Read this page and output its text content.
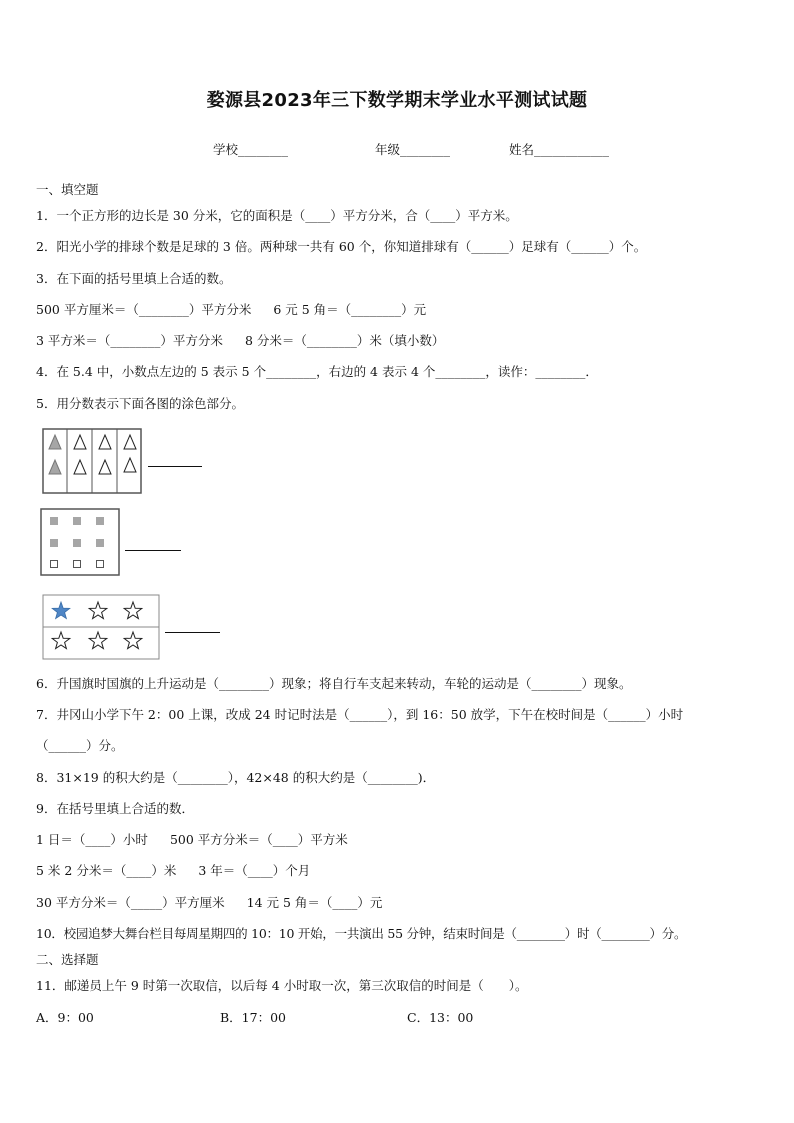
婺源县2023年三下数学期末学业水平测试试题
学校________	年级________	姓名____________
一、填空题
1．一个正方形的边长是 30 分米，它的面积是（____）平方分米，合（____）平方米。
2．阳光小学的排球个数是足球的 3 倍。两种球一共有 60 个，你知道排球有（______）足球有（______）个。
3．在下面的括号里填上合适的数。
500 平方厘米＝（________）平方分米 6 元 5 角＝（________）元
3 平方米＝（________）平方分米 8 分米＝（________）米（填小数）
4．在 5.4 中，小数点左边的 5 表示 5 个________，右边的 4 表示 4 个________，读作：________．
5．用分数表示下面各图的涂色部分。
6．升国旗时国旗的上升运动是（________）现象；将自行车支起来转动，车轮的运动是（________）现象。
7．井冈山小学下午 2：00 上课，改成 24 时记时法是（______），到 16：50 放学，下午在校时间是（______）小时
（______）分。
8．31×19 的积大约是（________），42×48 的积大约是（________)．
9．在括号里填上合适的数．
1 日＝（____）小时 500 平方分米＝（____）平方米
5 米 2 分米＝（____）米 3 年＝（____）个月
30 平方分米＝（_____）平方厘米 14 元 5 角＝（____）元
10．校园追梦大舞台栏目每周星期四的 10：10 开始，一共演出 55 分钟，结束时间是（________）时（________）分。
二、选择题
11．邮递员上午 9 时第一次取信，以后每 4 小时取一次，第三次取信的时间是（　　）。
A．9：00	B．17：00	C．13：00
